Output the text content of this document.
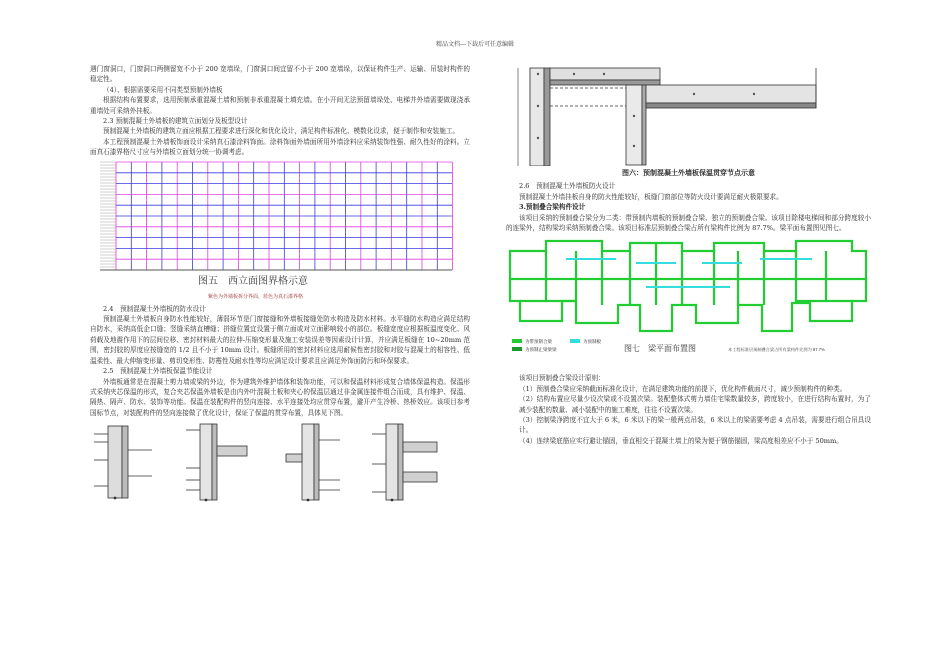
精品文档---下载后可任意编辑

遇门窗洞口，门窗洞口两侧留宽不小于 200 宽墙垛，门窗洞口间宜留不小于 200 宽墙垛，以保证构件生产、运输、吊装时构件的稳定性。

（4）、根据需要采用不同类型预制外墙板

根据结构布置要求，选用预制承重混凝土墙和预制非承重混凝土填充墙。在小开间无法预留墙垛处、电梯井外墙需要做现浇承重墙处可采纳外挂板。

2.3 预制混凝土外墙板的建筑立面划分及板型设计

预制混凝土外墙板的建筑立面应根据工程要求进行深化和优化设计，满足构件标准化、模数化设求，便于制作和安装施工。

本工程预制混凝土外墙板饰面设计采纳真石漆涂料饰面。涂料饰面外墙面所用外墙涂料应采纳装饰性强、耐久性好的涂料。立面真石漆界格尺寸应与外墙板立面划分统一协调考虑。

图五　西立面图界格示意
紫色为外墙板拆分界面，蓝色为真石漆界格

2.4　预制混凝土外墙板的防水设计

预制混凝土外墙板自身防水性能较好，薄弱环节是门窗接缝和外墙板接缝处防水构造及防水材料。水平缝防水构造应满足结构自防水，采纳高低企口缝；竖缝采纳直槽缝；拼缝位置宜设置于侧立面或对立面影响较小的部位。板缝宽度应根据板温度变化、风荷载及地震作用下的层间位移、密封材料最大的拉伸-压缩变形量及施工安装误差等因素设计计算，并应满足板缝在 10~20mm 范围，密封胶的厚度应按缝宽的 1/2 且不小于 10mm 设计。板缝所用的密封材料应选用耐候性密封胶和对胶与混凝土的相容性、低温柔性、最大伸缩变形量、剪切变形性、防霉性及耐水性等均应满足设计要求且应满足外饰面防污和环保要求。

2.5　预制混凝土外墙板保温节能设计

外墙板通常是在混凝土剪力墙或梁的外边，作为建筑外维护墙体和装饰功能，可以和保温材料形成复合墙体保温构造。保温形式采纳夹芯保温的形式，复合夹芯保温外墙板是由内外叶混凝土板和夹心的保温层通过非金属连接件组合而成，具有维护、保温、隔热、隔声、防水、装饰等功能。保温在装配构件的竖向连接、水平连接处均应贯穿布置，避开产生冷桥、热桥效应。该项目参考国标节点，对装配构件的竖向连接做了优化设计，保证了保温的贯穿布置，具体见下图。

图六：预制混凝土外墙板保温贯穿节点示意

2.6　预制混凝土外墙板防火设计

预制混凝土外墙挂板自身的防火性能较好，板缝门窗部位等防火设计要满足耐火极限要求。

3.预制叠合梁构件设计

该项目采纳的预制叠合梁分为二类：带预制内墙板的预制叠合梁、独立的预制叠合梁。该项目除楼电梯间和部分跨度较小的连梁外，结构梁均采纳预制叠合梁。该项目标准层预制叠合梁占所有梁构件比例为 87.7%。梁平面布置图见图七。

为带预制合梁	为预制板
为预制止梁梁梁	图七　梁平面布置图	本工程标准层预制叠合梁占所有梁构件比例为 87.7%

该项目预制叠合梁设计原则：

（1）预制叠合梁应采纳截面标准化设计，在满足建筑功能的前提下，优化构件截面尺寸，减少预制构件的种类。

（2）结构布置应尽量少设次梁或不设置次梁。装配整体式剪力墙住宅梁数量较多，跨度较小，在进行结构布置时，为了减少装配的数量、减小装配中的施工难度，往往不设置次梁。

（3）控制梁净跨度不宜大于 6 米，6 米以下的梁一般两点吊装，6 米以上的梁需要考虑 4 点吊装，需要进行组合吊具设计。

（4）连续梁底筋应实行避让锚固，垂直相交于混凝土墙上的梁为便于钢筋锚固，梁高度相差应不小于 50mm。
